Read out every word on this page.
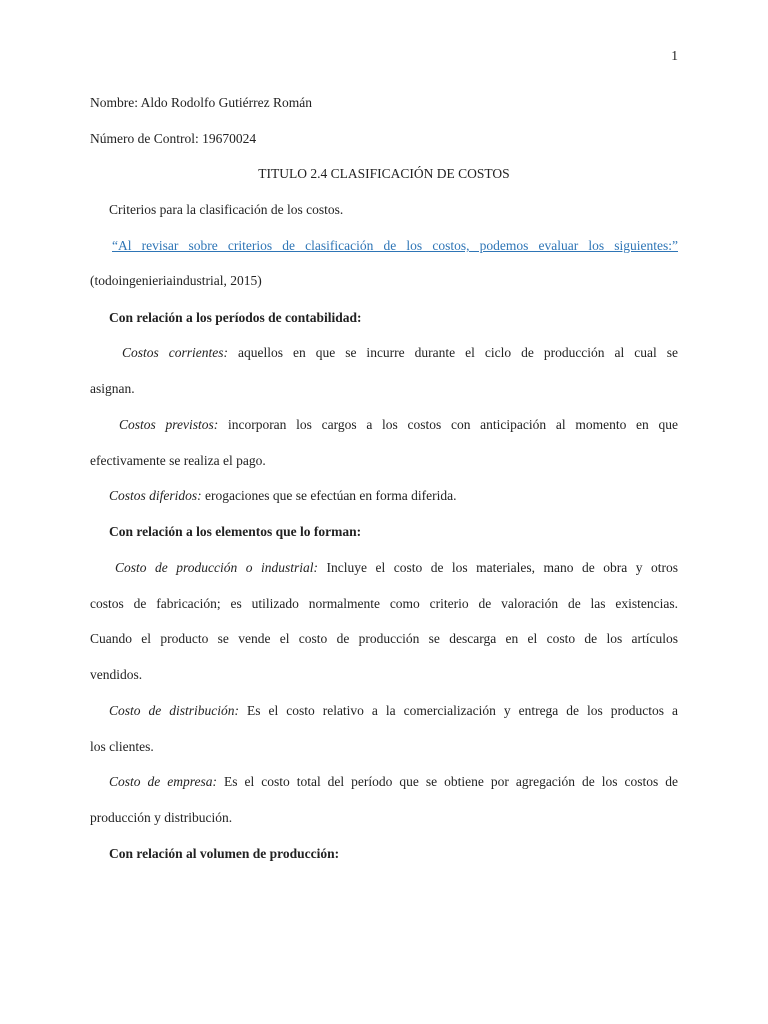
1
Nombre: Aldo Rodolfo Gutiérrez Román
Número de Control: 19670024
TITULO 2.4 CLASIFICACIÓN DE COSTOS
Criterios para la clasificación de los costos.
“Al revisar sobre criterios de clasificación de los costos, podemos evaluar los siguientes:”
(todoingenieriaindustrial, 2015)
Con relación a los períodos de contabilidad:
Costos corrientes: aquellos en que se incurre durante el ciclo de producción al cual se
asignan.
Costos previstos: incorporan los cargos a los costos con anticipación al momento en que
efectivamente se realiza el pago.
Costos diferidos: erogaciones que se efectúan en forma diferida.
Con relación a los elementos que lo forman:
Costo de producción o industrial: Incluye el costo de los materiales, mano de obra y otros
costos de fabricación; es utilizado normalmente como criterio de valoración de las existencias.
Cuando el producto se vende el costo de producción se descarga en el costo de los artículos
vendidos.
Costo de distribución: Es el costo relativo a la comercialización y entrega de los productos a
los clientes.
Costo de empresa: Es el costo total del período que se obtiene por agregación de los costos de
producción y distribución.
Con relación al volumen de producción:
